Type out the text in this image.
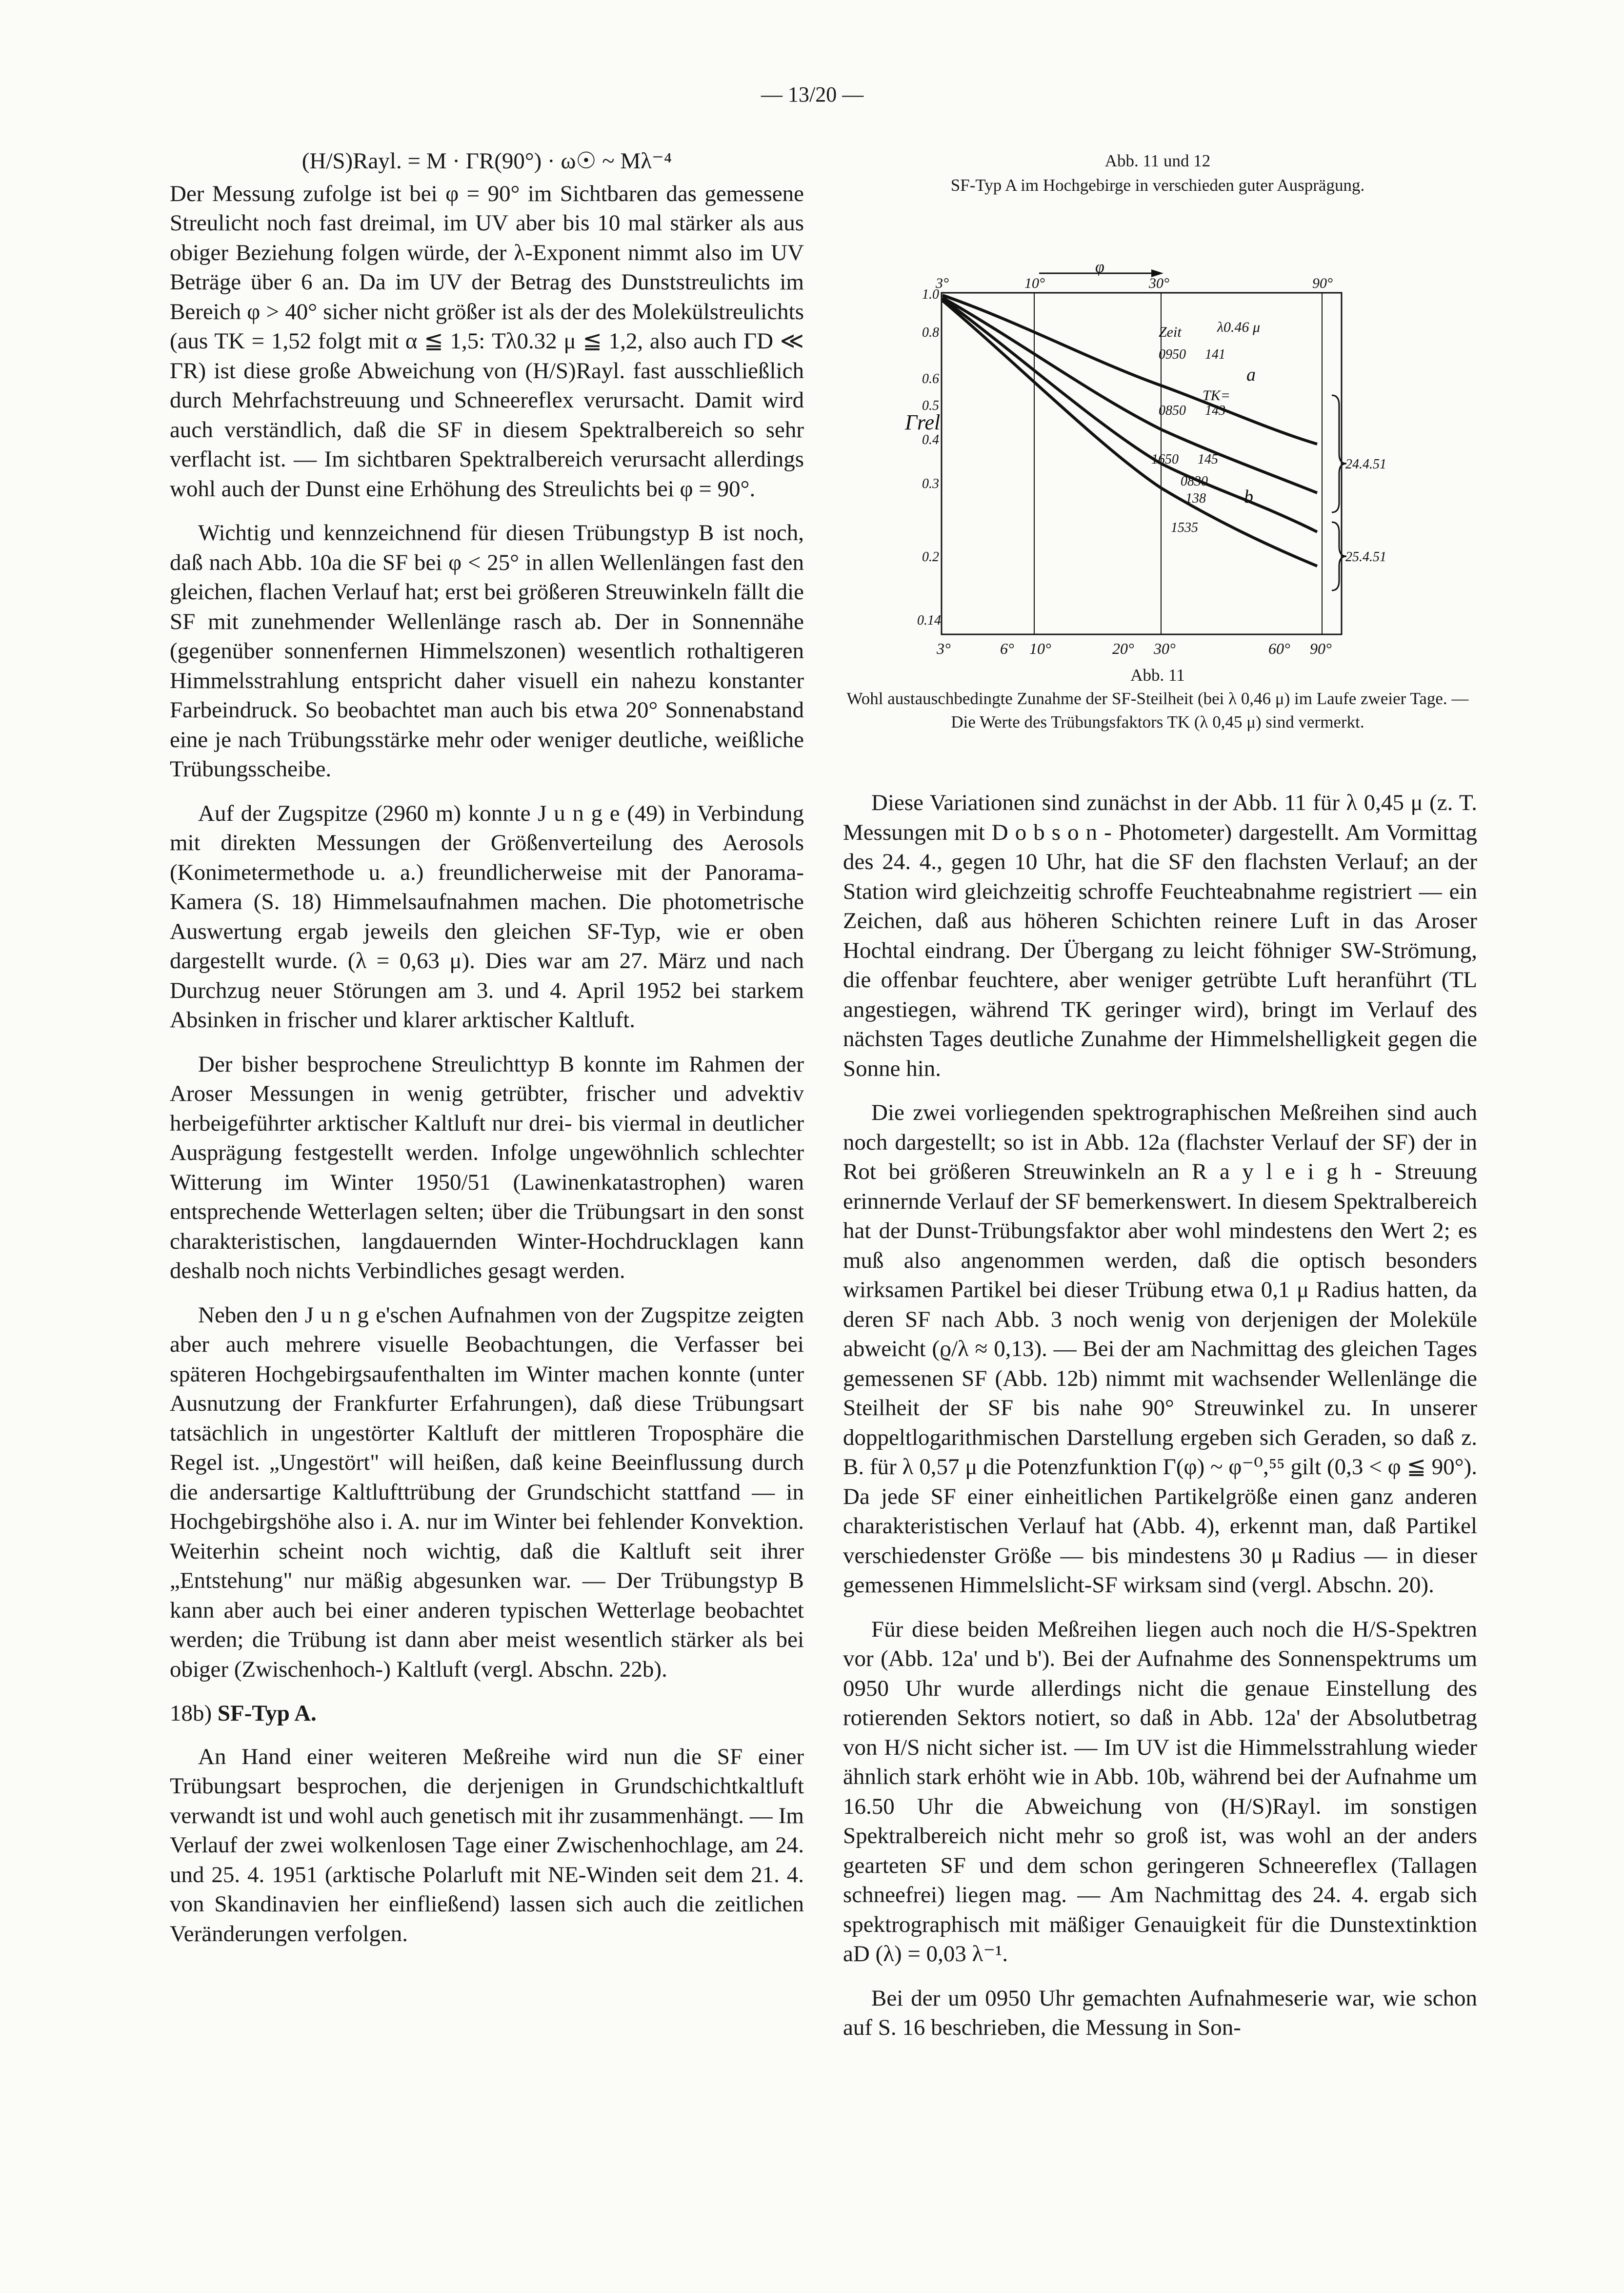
— 13/20 —
(H/S)Rayl. = M · ΓR(90°) · ω☉ ~ Mλ⁻⁴

Der Messung zufolge ist bei φ = 90° im Sichtbaren das gemessene Streulicht noch fast dreimal, im UV aber bis 10 mal stärker als aus obiger Beziehung folgen würde, der λ-Exponent nimmt also im UV Beträge über 6 an. Da im UV der Betrag des Dunststreulichts im Bereich φ > 40° sicher nicht größer ist als der des Molekülstreulichts (aus TK = 1,52 folgt mit α ≦ 1,5: Tλ0.32 μ ≦ 1,2, also auch ΓD ≪ ΓR) ist diese große Abweichung von (H/S)Rayl. fast ausschließlich durch Mehrfachstreuung und Schneereflex verursacht. Damit wird auch verständlich, daß die SF in diesem Spektralbereich so sehr verflacht ist. — Im sichtbaren Spektralbereich verursacht allerdings wohl auch der Dunst eine Erhöhung des Streulichts bei φ = 90°.

Wichtig und kennzeichnend für diesen Trübungstyp B ist noch, daß nach Abb. 10a die SF bei φ < 25° in allen Wellenlängen fast den gleichen, flachen Verlauf hat; erst bei größeren Streuwinkeln fällt die SF mit zunehmender Wellenlänge rasch ab. Der in Sonnennähe (gegenüber sonnenfernen Himmelszonen) wesentlich rothaltigeren Himmelsstrahlung entspricht daher visuell ein nahezu konstanter Farbeindruck. So beobachtet man auch bis etwa 20° Sonnenabstand eine je nach Trübungsstärke mehr oder weniger deutliche, weißliche Trübungsscheibe.

Auf der Zugspitze (2960 m) konnte J u n g e (49) in Verbindung mit direkten Messungen der Größenverteilung des Aerosols (Konimetermethode u. a.) freundlicherweise mit der Panorama-Kamera (S. 18) Himmelsaufnahmen machen. Die photometrische Auswertung ergab jeweils den gleichen SF-Typ, wie er oben dargestellt wurde. (λ = 0,63 μ). Dies war am 27. März und nach Durchzug neuer Störungen am 3. und 4. April 1952 bei starkem Absinken in frischer und klarer arktischer Kaltluft.

Der bisher besprochene Streulichttyp B konnte im Rahmen der Aroser Messungen in wenig getrübter, frischer und advektiv herbeigeführter arktischer Kaltluft nur drei- bis viermal in deutlicher Ausprägung festgestellt werden. Infolge ungewöhnlich schlechter Witterung im Winter 1950/51 (Lawinenkatastrophen) waren entsprechende Wetterlagen selten; über die Trübungsart in den sonst charakteristischen, langdauernden Winter-Hochdrucklagen kann deshalb noch nichts Verbindliches gesagt werden.

Neben den J u n g e'schen Aufnahmen von der Zugspitze zeigten aber auch mehrere visuelle Beobachtungen, die Verfasser bei späteren Hochgebirgsaufenthalten im Winter machen konnte (unter Ausnutzung der Frankfurter Erfahrungen), daß diese Trübungsart tatsächlich in ungestörter Kaltluft der mittleren Troposphäre die Regel ist. „Ungestört" will heißen, daß keine Beeinflussung durch die andersartige Kaltlufttrübung der Grundschicht stattfand — in Hochgebirgshöhe also i. A. nur im Winter bei fehlender Konvektion. Weiterhin scheint noch wichtig, daß die Kaltluft seit ihrer „Entstehung" nur mäßig abgesunken war. — Der Trübungstyp B kann aber auch bei einer anderen typischen Wetterlage beobachtet werden; die Trübung ist dann aber meist wesentlich stärker als bei obiger (Zwischenhoch-) Kaltluft (vergl. Abschn. 22b).

18b) SF-Typ A.

An Hand einer weiteren Meßreihe wird nun die SF einer Trübungsart besprochen, die derjenigen in Grundschichtkaltluft verwandt ist und wohl auch genetisch mit ihr zusammenhängt. — Im Verlauf der zwei wolkenlosen Tage einer Zwischenhochlage, am 24. und 25. 4. 1951 (arktische Polarluft mit NE-Winden seit dem 21. 4. von Skandinavien her einfließend) lassen sich auch die zeitlichen Veränderungen verfolgen.

Abb. 11 und 12
SF-Typ A im Hochgebirge in verschieden guter Ausprägung.
φ
3°	10°	30°	90°
1.0
0.8
0.6
0.5
0.4
0.3
0.2
0.14
Γrel
3°	6° 10°	20° 30°	60° 90°
Zeit λ0.46 μ
0950 141
a
TK=
0850 143
1650 145
0830
138 b
1535
24.4.51
25.4.51
Abb. 11
Wohl austauschbedingte Zunahme der SF-Steilheit (bei λ 0,46 μ) im Laufe zweier Tage. — Die Werte des Trübungsfaktors TK (λ 0,45 μ) sind vermerkt.

Diese Variationen sind zunächst in der Abb. 11 für λ 0,45 μ (z. T. Messungen mit D o b s o n - Photometer) dargestellt. Am Vormittag des 24. 4., gegen 10 Uhr, hat die SF den flachsten Verlauf; an der Station wird gleichzeitig schroffe Feuchteabnahme registriert — ein Zeichen, daß aus höheren Schichten reinere Luft in das Aroser Hochtal eindrang. Der Übergang zu leicht föhniger SW-Strömung, die offenbar feuchtere, aber weniger getrübte Luft heranführt (TL angestiegen, während TK geringer wird), bringt im Verlauf des nächsten Tages deutliche Zunahme der Himmelshelligkeit gegen die Sonne hin.

Die zwei vorliegenden spektrographischen Meßreihen sind auch noch dargestellt; so ist in Abb. 12a (flachster Verlauf der SF) der in Rot bei größeren Streuwinkeln an R a y l e i g h - Streuung erinnernde Verlauf der SF bemerkenswert. In diesem Spektralbereich hat der Dunst-Trübungsfaktor aber wohl mindestens den Wert 2; es muß also angenommen werden, daß die optisch besonders wirksamen Partikel bei dieser Trübung etwa 0,1 μ Radius hatten, da deren SF nach Abb. 3 noch wenig von derjenigen der Moleküle abweicht (ϱ/λ ≈ 0,13). — Bei der am Nachmittag des gleichen Tages gemessenen SF (Abb. 12b) nimmt mit wachsender Wellenlänge die Steilheit der SF bis nahe 90° Streuwinkel zu. In unserer doppeltlogarithmischen Darstellung ergeben sich Geraden, so daß z. B. für λ 0,57 μ die Potenzfunktion Γ(φ) ~ φ⁻⁰,⁵⁵ gilt (0,3 < φ ≦ 90°). Da jede SF einer einheitlichen Partikelgröße einen ganz anderen charakteristischen Verlauf hat (Abb. 4), erkennt man, daß Partikel verschiedenster Größe — bis mindestens 30 μ Radius — in dieser gemessenen Himmelslicht-SF wirksam sind (vergl. Abschn. 20).

Für diese beiden Meßreihen liegen auch noch die H/S-Spektren vor (Abb. 12a' und b'). Bei der Aufnahme des Sonnenspektrums um 0950 Uhr wurde allerdings nicht die genaue Einstellung des rotierenden Sektors notiert, so daß in Abb. 12a' der Absolutbetrag von H/S nicht sicher ist. — Im UV ist die Himmelsstrahlung wieder ähnlich stark erhöht wie in Abb. 10b, während bei der Aufnahme um 16.50 Uhr die Abweichung von (H/S)Rayl. im sonstigen Spektralbereich nicht mehr so groß ist, was wohl an der anders gearteten SF und dem schon geringeren Schneereflex (Tallagen schneefrei) liegen mag. — Am Nachmittag des 24. 4. ergab sich spektrographisch mit mäßiger Genauigkeit für die Dunstextinktion aD (λ) = 0,03 λ⁻¹.

Bei der um 0950 Uhr gemachten Aufnahmeserie war, wie schon auf S. 16 beschrieben, die Messung in Son-
